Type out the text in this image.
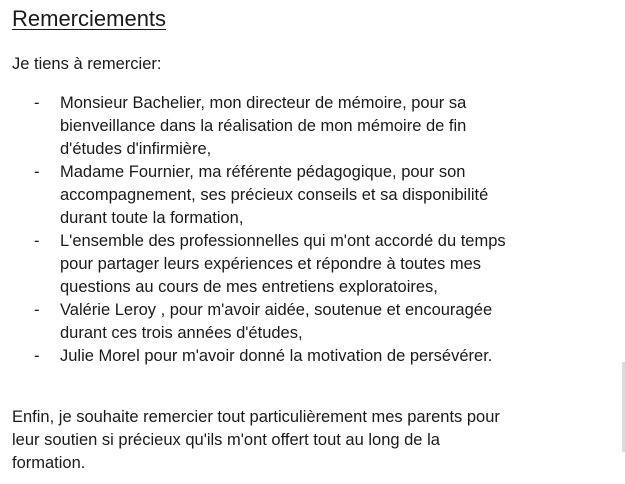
Remerciements

Je tiens à remercier:

- Monsieur Bachelier, mon directeur de mémoire, pour sa
bienveillance dans la réalisation de mon mémoire de fin
d'études d'infirmière,
- Madame Fournier, ma référente pédagogique, pour son
accompagnement, ses précieux conseils et sa disponibilité
durant toute la formation,
- L'ensemble des professionnelles qui m'ont accordé du temps
pour partager leurs expériences et répondre à toutes mes
questions au cours de mes entretiens exploratoires,
- Valérie Leroy , pour m'avoir aidée, soutenue et encouragée
durant ces trois années d'études,
- Julie Morel pour m'avoir donné la motivation de persévérer.

Enfin, je souhaite remercier tout particulièrement mes parents pour
leur soutien si précieux qu'ils m'ont offert tout au long de la
formation.
